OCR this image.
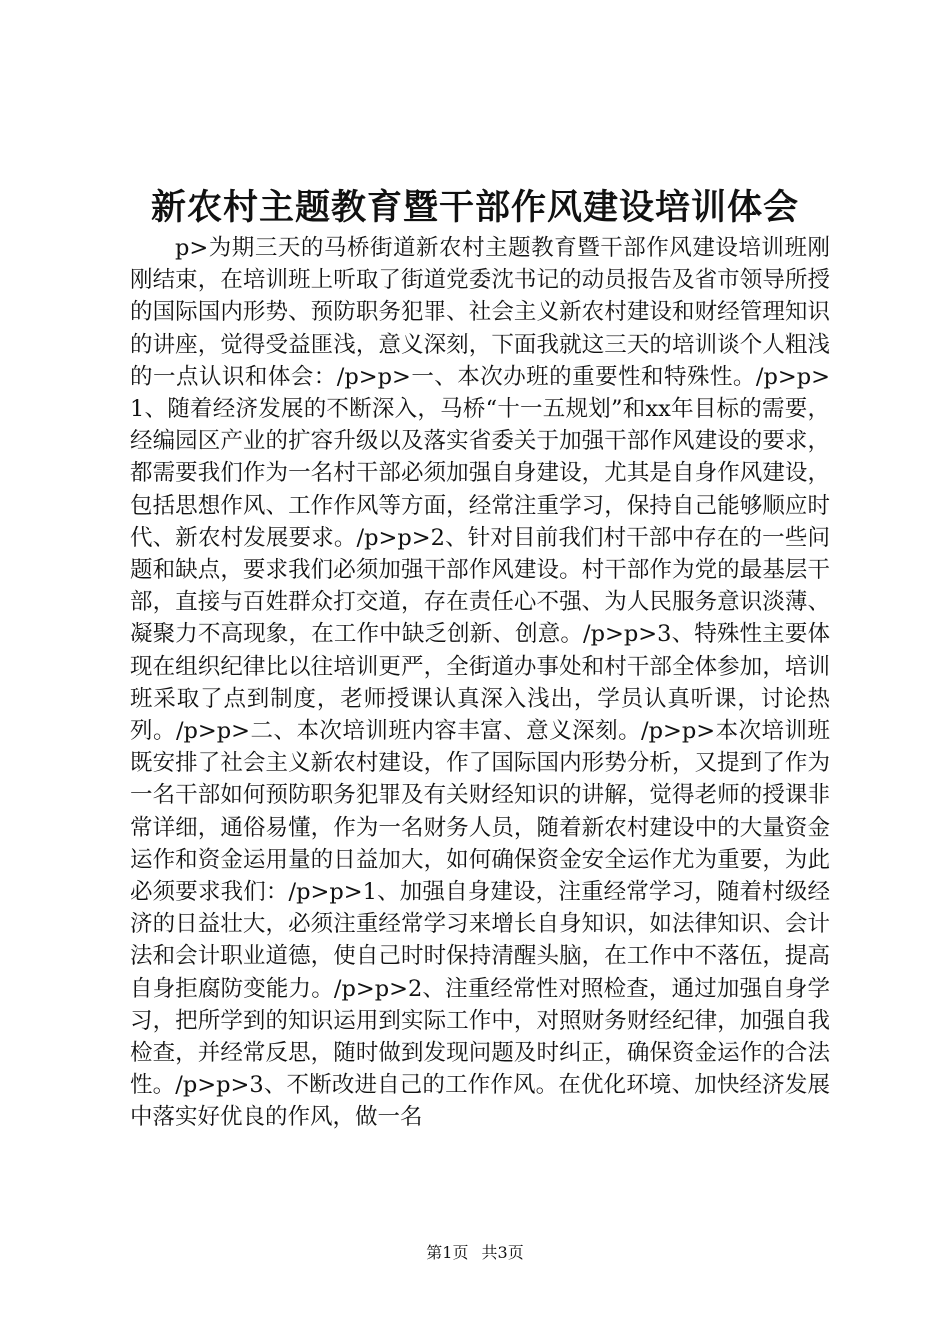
新农村主题教育暨干部作风建设培训体会

p>为期三天的马桥街道新农村主题教育暨干部作风建设培训班刚刚结束，在培训班上听取了街道党委沈书记的动员报告及省市领导所授的国际国内形势、预防职务犯罪、社会主义新农村建设和财经管理知识的讲座，觉得受益匪浅，意义深刻，下面我就这三天的培训谈个人粗浅的一点认识和体会：/p>p>一、本次办班的重要性和特殊性。/p>p>1、随着经济发展的不断深入，马桥“十一五规划”和xx年目标的需要，经编园区产业的扩容升级以及落实省委关于加强干部作风建设的要求，都需要我们作为一名村干部必须加强自身建设，尤其是自身作风建设，包括思想作风、工作作风等方面，经常注重学习，保持自己能够顺应时代、新农村发展要求。/p>p>2、针对目前我们村干部中存在的一些问题和缺点，要求我们必须加强干部作风建设。村干部作为党的最基层干部，直接与百姓群众打交道，存在责任心不强、为人民服务意识淡薄、凝聚力不高现象，在工作中缺乏创新、创意。/p>p>3、特殊性主要体现在组织纪律比以往培训更严，全街道办事处和村干部全体参加，培训班采取了点到制度，老师授课认真深入浅出，学员认真听课，讨论热列。/p>p>二、本次培训班内容丰富、意义深刻。/p>p>本次培训班既安排了社会主义新农村建设，作了国际国内形势分析，又提到了作为一名干部如何预防职务犯罪及有关财经知识的讲解，觉得老师的授课非常详细，通俗易懂，作为一名财务人员，随着新农村建设中的大量资金运作和资金运用量的日益加大，如何确保资金安全运作尤为重要，为此必须要求我们：/p>p>1、加强自身建设，注重经常学习，随着村级经济的日益壮大，必须注重经常学习来增长自身知识，如法律知识、会计法和会计职业道德，使自己时时保持清醒头脑，在工作中不落伍，提高自身拒腐防变能力。/p>p>2、注重经常性对照检查，通过加强自身学习，把所学到的知识运用到实际工作中，对照财务财经纪律，加强自我检查，并经常反思，随时做到发现问题及时纠正，确保资金运作的合法性。/p>p>3、不断改进自己的工作作风。在优化环境、加快经济发展中落实好优良的作风，做一名

第1页 共3页
